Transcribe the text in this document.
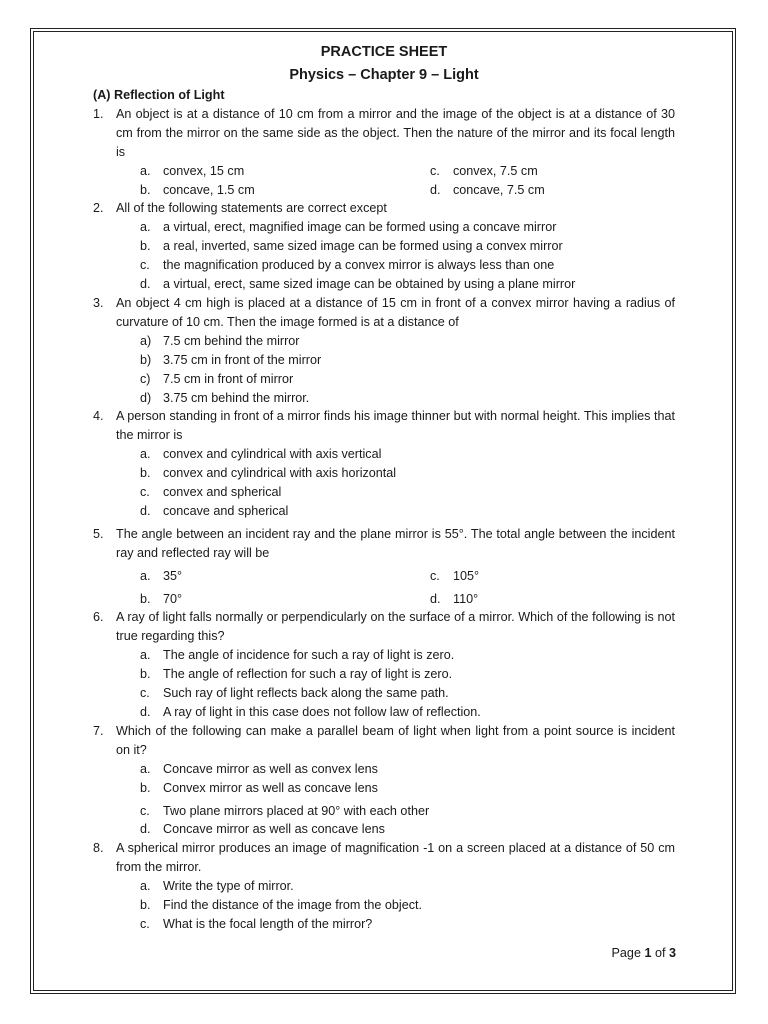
PRACTICE SHEET
Physics – Chapter 9 – Light
(A) Reflection of Light
1. An object is at a distance of 10 cm from a mirror and the image of the object is at a distance of 30 cm from the mirror on the same side as the object. Then the nature of the mirror and its focal length is
a. convex, 15 cm	c.	convex, 7.5 cm
b. concave, 1.5 cm	d. concave, 7.5 cm
2. All of the following statements are correct except
a. a virtual, erect, magnified image can be formed using a concave mirror
b. a real, inverted, same sized image can be formed using a convex mirror
c.	the magnification produced by a convex mirror is always less than one
d. a virtual, erect, same sized image can be obtained by using a plane mirror
3. An object 4 cm high is placed at a distance of 15 cm in front of a convex mirror having a radius of curvature of 10 cm. Then the image formed is at a distance of
a) 7.5 cm behind the mirror
b) 3.75 cm in front of the mirror
c) 7.5 cm in front of mirror
d) 3.75 cm behind the mirror.
4. A person standing in front of a mirror finds his image thinner but with normal height. This implies that the mirror is
a. convex and cylindrical with axis vertical
b. convex and cylindrical with axis horizontal
c.	convex and spherical
d. concave and spherical
5. The angle between an incident ray and the plane mirror is 55°. The total angle between the incident ray and reflected ray will be
a. 35°	c.	105°
b. 70°	d. 110°
6. A ray of light falls normally or perpendicularly on the surface of a mirror. Which of the following is not true regarding this?
a. The angle of incidence for such a ray of light is zero.
b. The angle of reflection for such a ray of light is zero.
c.	Such ray of light reflects back along the same path.
d. A ray of light in this case does not follow law of reflection.
7. Which of the following can make a parallel beam of light when light from a point source is incident on it?
a. Concave mirror as well as convex lens
b. Convex mirror as well as concave lens
c.	Two plane mirrors placed at 90° with each other
d. Concave mirror as well as concave lens
8. A spherical mirror produces an image of magnification -1 on a screen placed at a distance of 50 cm from the mirror.
a. Write the type of mirror.
b. Find the distance of the image from the object.
c.	What is the focal length of the mirror?
Page 1 of 3
